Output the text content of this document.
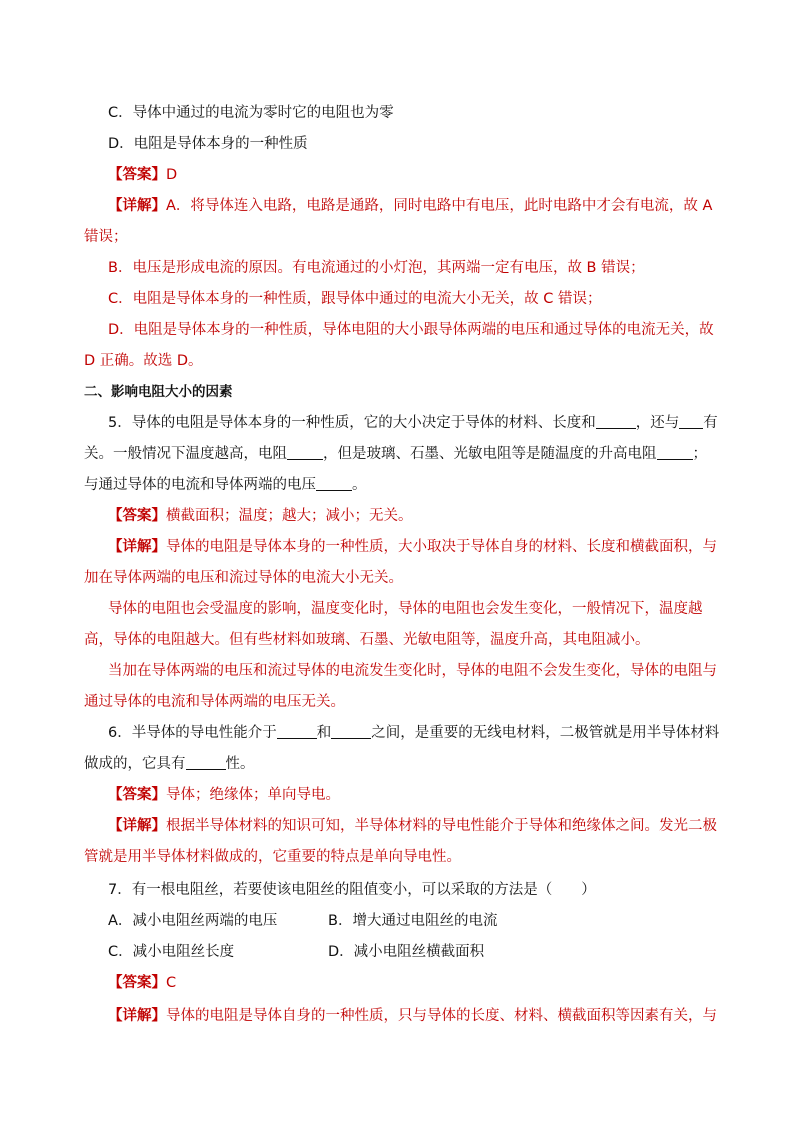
C．导体中通过的电流为零时它的电阻也为零
D．电阻是导体本身的一种性质
【答案】D
【详解】A．将导体连入电路，电路是通路，同时电路中有电压，此时电路中才会有电流，故 A
错误；
B．电压是形成电流的原因。有电流通过的小灯泡，其两端一定有电压，故 B 错误；
C．电阻是导体本身的一种性质，跟导体中通过的电流大小无关，故 C 错误；
D．电阻是导体本身的一种性质，导体电阻的大小跟导体两端的电压和通过导体的电流无关，故
D 正确。故选 D。
二、影响电阻大小的因素
5．导体的电阻是导体本身的一种性质，它的大小决定于导体的材料、长度和	，还与 有
关。一般情况下温度越高，电阻 ，但是玻璃、石墨、光敏电阻等是随温度的升高电阻 ；
与通过导体的电流和导体两端的电压 。
【答案】横截面积；温度；越大；减小；无关。
【详解】导体的电阻是导体本身的一种性质，大小取决于导体自身的材料、长度和横截面积，与
加在导体两端的电压和流过导体的电流大小无关。
导体的电阻也会受温度的影响，温度变化时，导体的电阻也会发生变化，一般情况下，温度越
高，导体的电阻越大。但有些材料如玻璃、石墨、光敏电阻等，温度升高，其电阻减小。
当加在导体两端的电压和流过导体的电流发生变化时，导体的电阻不会发生变化，导体的电阻与
通过导体的电流和导体两端的电压无关。
6．半导体的导电性能介于	和	之间，是重要的无线电材料，二极管就是用半导体材料
做成的，它具有	性。
【答案】导体；绝缘体；单向导电。
【详解】根据半导体材料的知识可知，半导体材料的导电性能介于导体和绝缘体之间。发光二极
管就是用半导体材料做成的，它重要的特点是单向导电性。
7．有一根电阻丝，若要使该电阻丝的阻值变小，可以采取的方法是（　　）
A．减小电阻丝两端的电压	B．增大通过电阻丝的电流
C．减小电阻丝长度	D．减小电阻丝横截面积
【答案】C
【详解】导体的电阻是导体自身的一种性质，只与导体的长度、材料、横截面积等因素有关，与
